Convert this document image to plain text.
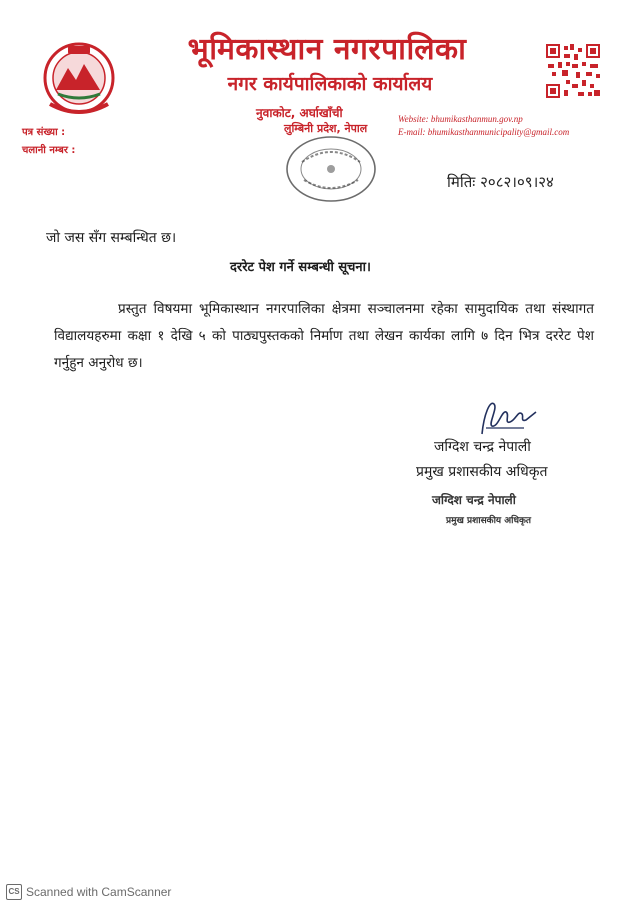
भूमिकास्थान नगरपालिका
नगर कार्यपालिकाको कार्यालय
नुवाकोट, अर्घाखाँची
लुम्बिनी प्रदेश, नेपाल
Website: bhumikasthanmun.gov.np
E-mail: bhumikasthanmunicipality@gmail.com
पत्र संख्या :
चलानी नम्बर :
मितिः २०८२।०९।२४
जो जस सँग सम्बन्धित छ।
दररेट पेश गर्ने सम्बन्धी सूचना।
प्रस्तुत विषयमा भूमिकास्थान नगरपालिका क्षेत्रमा सञ्चालनमा रहेका सामुदायिक तथा संस्थागत विद्यालयहरुमा कक्षा १ देखि ५ को पाठ्यपुस्तकको निर्माण तथा लेखन कार्यका लागि ७ दिन भित्र दररेट पेश गर्नुहुन अनुरोध छ।
जग्दिश चन्द्र नेपाली
प्रमुख प्रशासकीय अधिकृत
जग्दिश चन्द्र नेपाली
प्रमुख प्रशासकीय अधिकृत
CS Scanned with CamScanner
